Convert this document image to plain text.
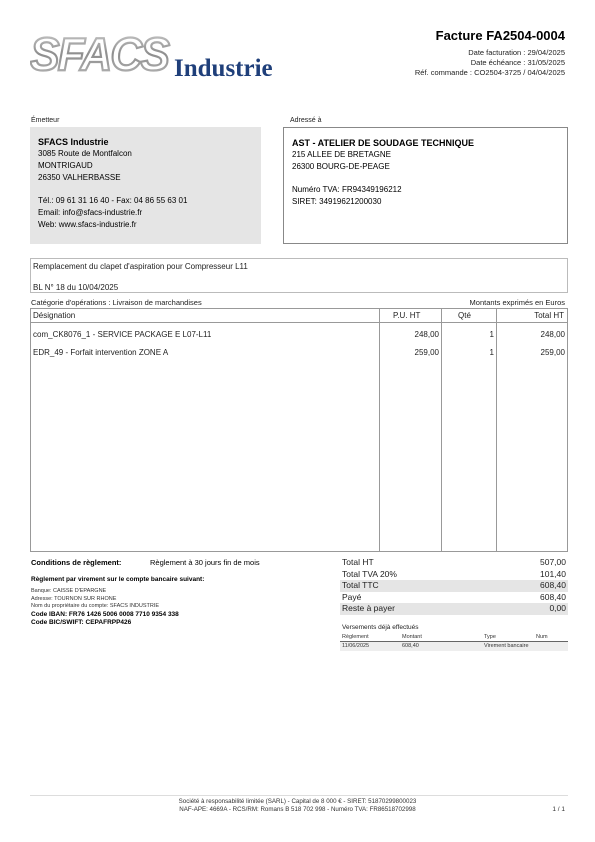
SFACS Industrie
Facture FA2504-0004
Date facturation : 29/04/2025
Date échéance : 31/05/2025
Réf. commande : CO2504-3725 / 04/04/2025
Émetteur	Adressé à
SFACS Industrie
3085 Route de Montfalcon
MONTRIGAUD
26350 VALHERBASSE
Tél.: 09 61 31 16 40 - Fax: 04 86 55 63 01
Email: info@sfacs-industrie.fr
Web: www.sfacs-industrie.fr
AST - ATELIER DE SOUDAGE TECHNIQUE
215 ALLEE DE BRETAGNE
26300 BOURG-DE-PEAGE
Numéro TVA: FR94349196212
SIRET: 34919621200030
Remplacement du clapet d'aspiration pour Compresseur L11
BL N° 18 du 10/04/2025
Catégorie d'opérations : Livraison de marchandises	Montants exprimés en Euros
Désignation	P.U. HT	Qté	Total HT
com_CK8076_1 - SERVICE PACKAGE E L07-L11	248,00	1	248,00
EDR_49 - Forfait intervention ZONE A	259,00	1	259,00
Conditions de règlement:	Règlement à 30 jours fin de mois
Règlement par virement sur le compte bancaire suivant:
Banque: CAISSE D'EPARGNE
Adresse: TOURNON SUR RHONE
Nom du propriétaire du compte: SFACS INDUSTRIE
Code IBAN: FR76 1426 5006 0008 7710 9354 338
Code BIC/SWIFT: CEPAFRPP426
Total HT	507,00
Total TVA 20%	101,40
Total TTC	608,40
Payé	608,40
Reste à payer	0,00
Versements déjà effectués
Règlement	Montant	Type	Num
11/06/2025	608,40	Virement bancaire
Société à responsabilité limitée (SARL) - Capital de 8 000 € - SIRET: 51870299800023
NAF-APE: 4669A - RCS/RM: Romans B 518 702 998 - Numéro TVA: FR86518702998	1 / 1
